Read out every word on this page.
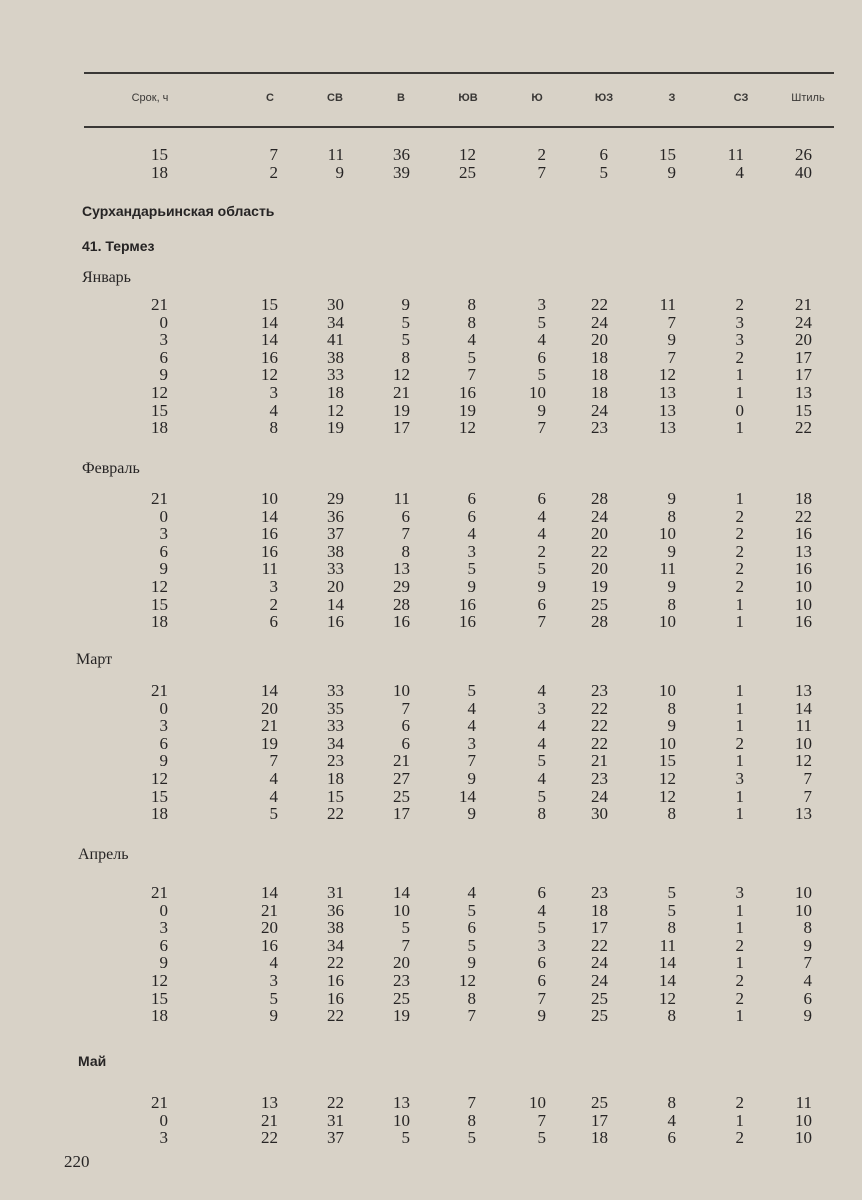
Срок, ч	С	СВ	В	ЮВ	Ю	ЮЗ	З	СЗ	Штиль
15	7	11	36	12	2	6	15	11	26
18	2	9	39	25	7	5	9	4	40
Сурхандарьинская область
41. Термез
Январь
21	15	30	9	8	3	22	11	2	21
0	14	34	5	8	5	24	7	3	24
3	14	41	5	4	4	20	9	3	20
6	16	38	8	5	6	18	7	2	17
9	12	33	12	7	5	18	12	1	17
12	3	18	21	16	10	18	13	1	13
15	4	12	19	19	9	24	13	0	15
18	8	19	17	12	7	23	13	1	22
Февраль
21	10	29	11	6	6	28	9	1	18
0	14	36	6	6	4	24	8	2	22
3	16	37	7	4	4	20	10	2	16
6	16	38	8	3	2	22	9	2	13
9	11	33	13	5	5	20	11	2	16
12	3	20	29	9	9	19	9	2	10
15	2	14	28	16	6	25	8	1	10
18	6	16	16	16	7	28	10	1	16
Март
21	14	33	10	5	4	23	10	1	13
0	20	35	7	4	3	22	8	1	14
3	21	33	6	4	4	22	9	1	11
6	19	34	6	3	4	22	10	2	10
9	7	23	21	7	5	21	15	1	12
12	4	18	27	9	4	23	12	3	7
15	4	15	25	14	5	24	12	1	7
18	5	22	17	9	8	30	8	1	13
Апрель
21	14	31	14	4	6	23	5	3	10
0	21	36	10	5	4	18	5	1	10
3	20	38	5	6	5	17	8	1	8
6	16	34	7	5	3	22	11	2	9
9	4	22	20	9	6	24	14	1	7
12	3	16	23	12	6	24	14	2	4
15	5	16	25	8	7	25	12	2	6
18	9	22	19	7	9	25	8	1	9
Май
21	13	22	13	7	10	25	8	2	11
0	21	31	10	8	7	17	4	1	10
3	22	37	5	5	5	18	6	2	10
220
